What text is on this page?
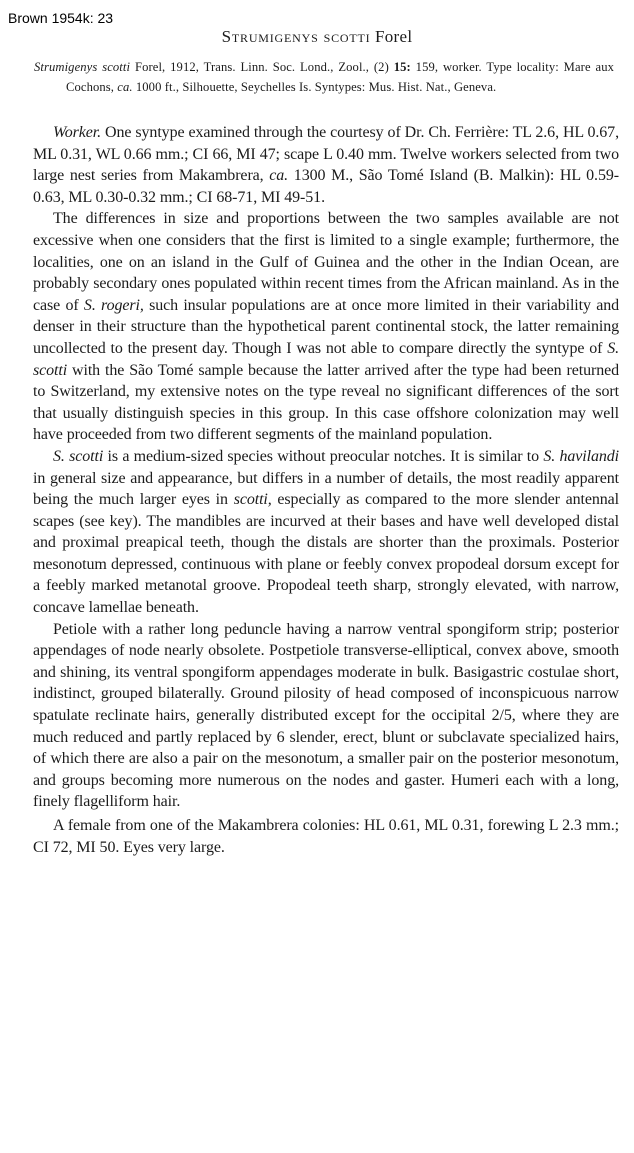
Brown 1954k: 23
Strumigenys scotti Forel

Strumigenys scotti Forel, 1912, Trans. Linn. Soc. Lond., Zool., (2) 15: 159, worker. Type locality: Mare aux Cochons, ca. 1000 ft., Silhouette, Seychelles Is. Syntypes: Mus. Hist. Nat., Geneva.

Worker. One syntype examined through the courtesy of Dr. Ch. Ferrière: TL 2.6, HL 0.67, ML 0.31, WL 0.66 mm.; CI 66, MI 47; scape L 0.40 mm. Twelve workers selected from two large nest series from Makambrera, ca. 1300 M., São Tomé Island (B. Malkin): HL 0.59-0.63, ML 0.30-0.32 mm.; CI 68-71, MI 49-51.

The differences in size and proportions between the two samples available are not excessive when one considers that the first is limited to a single example; furthermore, the localities, one on an island in the Gulf of Guinea and the other in the Indian Ocean, are probably secondary ones populated within recent times from the African mainland. As in the case of S. rogeri, such insular populations are at once more limited in their variability and denser in their structure than the hypothetical parent continental stock, the latter remaining uncollected to the present day. Though I was not able to compare directly the syntype of S. scotti with the São Tomé sample because the latter arrived after the type had been returned to Switzerland, my extensive notes on the type reveal no significant differences of the sort that usually distinguish species in this group. In this case offshore colonization may well have proceeded from two different segments of the mainland population.

S. scotti is a medium-sized species without preocular notches. It is similar to S. havilandi in general size and appearance, but differs in a number of details, the most readily apparent being the much larger eyes in scotti, especially as compared to the more slender antennal scapes (see key). The mandibles are incurved at their bases and have well developed distal and proximal preapical teeth, though the distals are shorter than the proximals. Posterior mesonotum depressed, continuous with plane or feebly convex propodeal dorsum except for a feebly marked metanotal groove. Propodeal teeth sharp, strongly elevated, with narrow, concave lamellae beneath.

Petiole with a rather long peduncle having a narrow ventral spongiform strip; posterior appendages of node nearly obsolete. Postpetiole transverse-elliptical, convex above, smooth and shining, its ventral spongiform appendages moderate in bulk. Basigastric costulae short, indistinct, grouped bilaterally. Ground pilosity of head composed of inconspicuous narrow spatulate reclinate hairs, generally distributed except for the occipital 2/5, where they are much reduced and partly replaced by 6 slender, erect, blunt or subclavate specialized hairs, of which there are also a pair on the mesonotum, a smaller pair on the posterior mesonotum, and groups becoming more numerous on the nodes and gaster. Humeri each with a long, finely flagelliform hair.

A female from one of the Makambrera colonies: HL 0.61, ML 0.31, forewing L 2.3 mm.; CI 72, MI 50. Eyes very large.
